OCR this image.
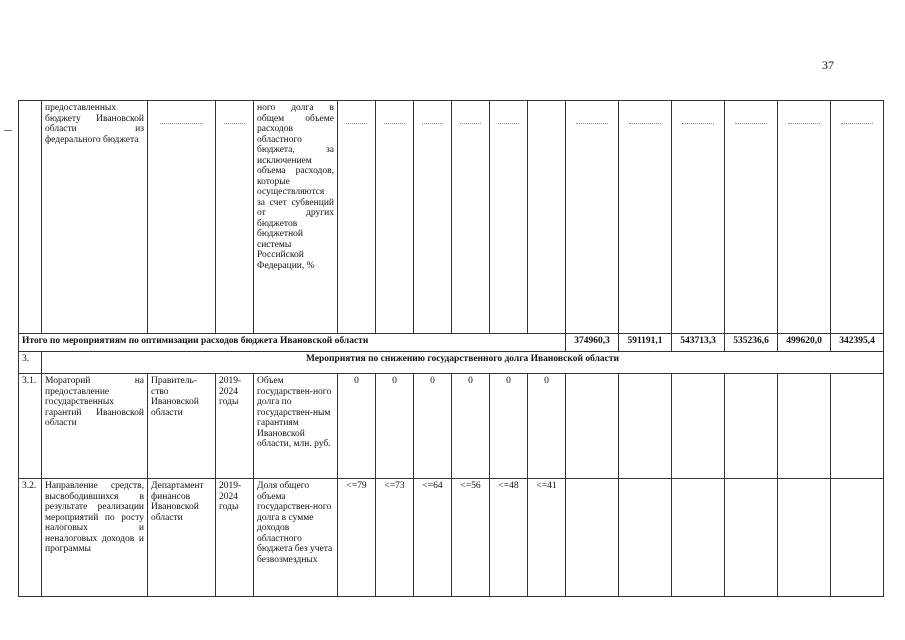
37
	предоставленных бюджету Ивановской области из федерального бюджета			ного долга в общем объеме расходов областного бюджета, за исключением объема расходов, которые осуществляются за счет субвенций от других бюджетов бюджетной системы Российской Федерации, %	

Итого по мероприятиям по оптимизации расходов бюджета Ивановской области											374960,3	591191,1	543713,3	535236,6	499620,0	342395,4
3.	Мероприятия по снижению государственного долга Ивановской области															
3.1.	Мораторий на предоставление государственных гарантий Ивановской области	Правитель-ство Ивановской области	2019-2024 годы	Объем государствен-ного долга по государствен-ным гарантиям Ивановской области, млн. руб.	0	0	0	0	0	0						
3.2.	Направление средств, высвободившихся в результате реализации мероприятий по росту налоговых и неналоговых доходов и программы	Департамент финансов Ивановской области	2019-2024 годы	Доля общего объема государствен-ного долга в сумме доходов областного бюджета без учета безвозмездных	<=79	<=73	<=64	<=56	<=48	<=41						
